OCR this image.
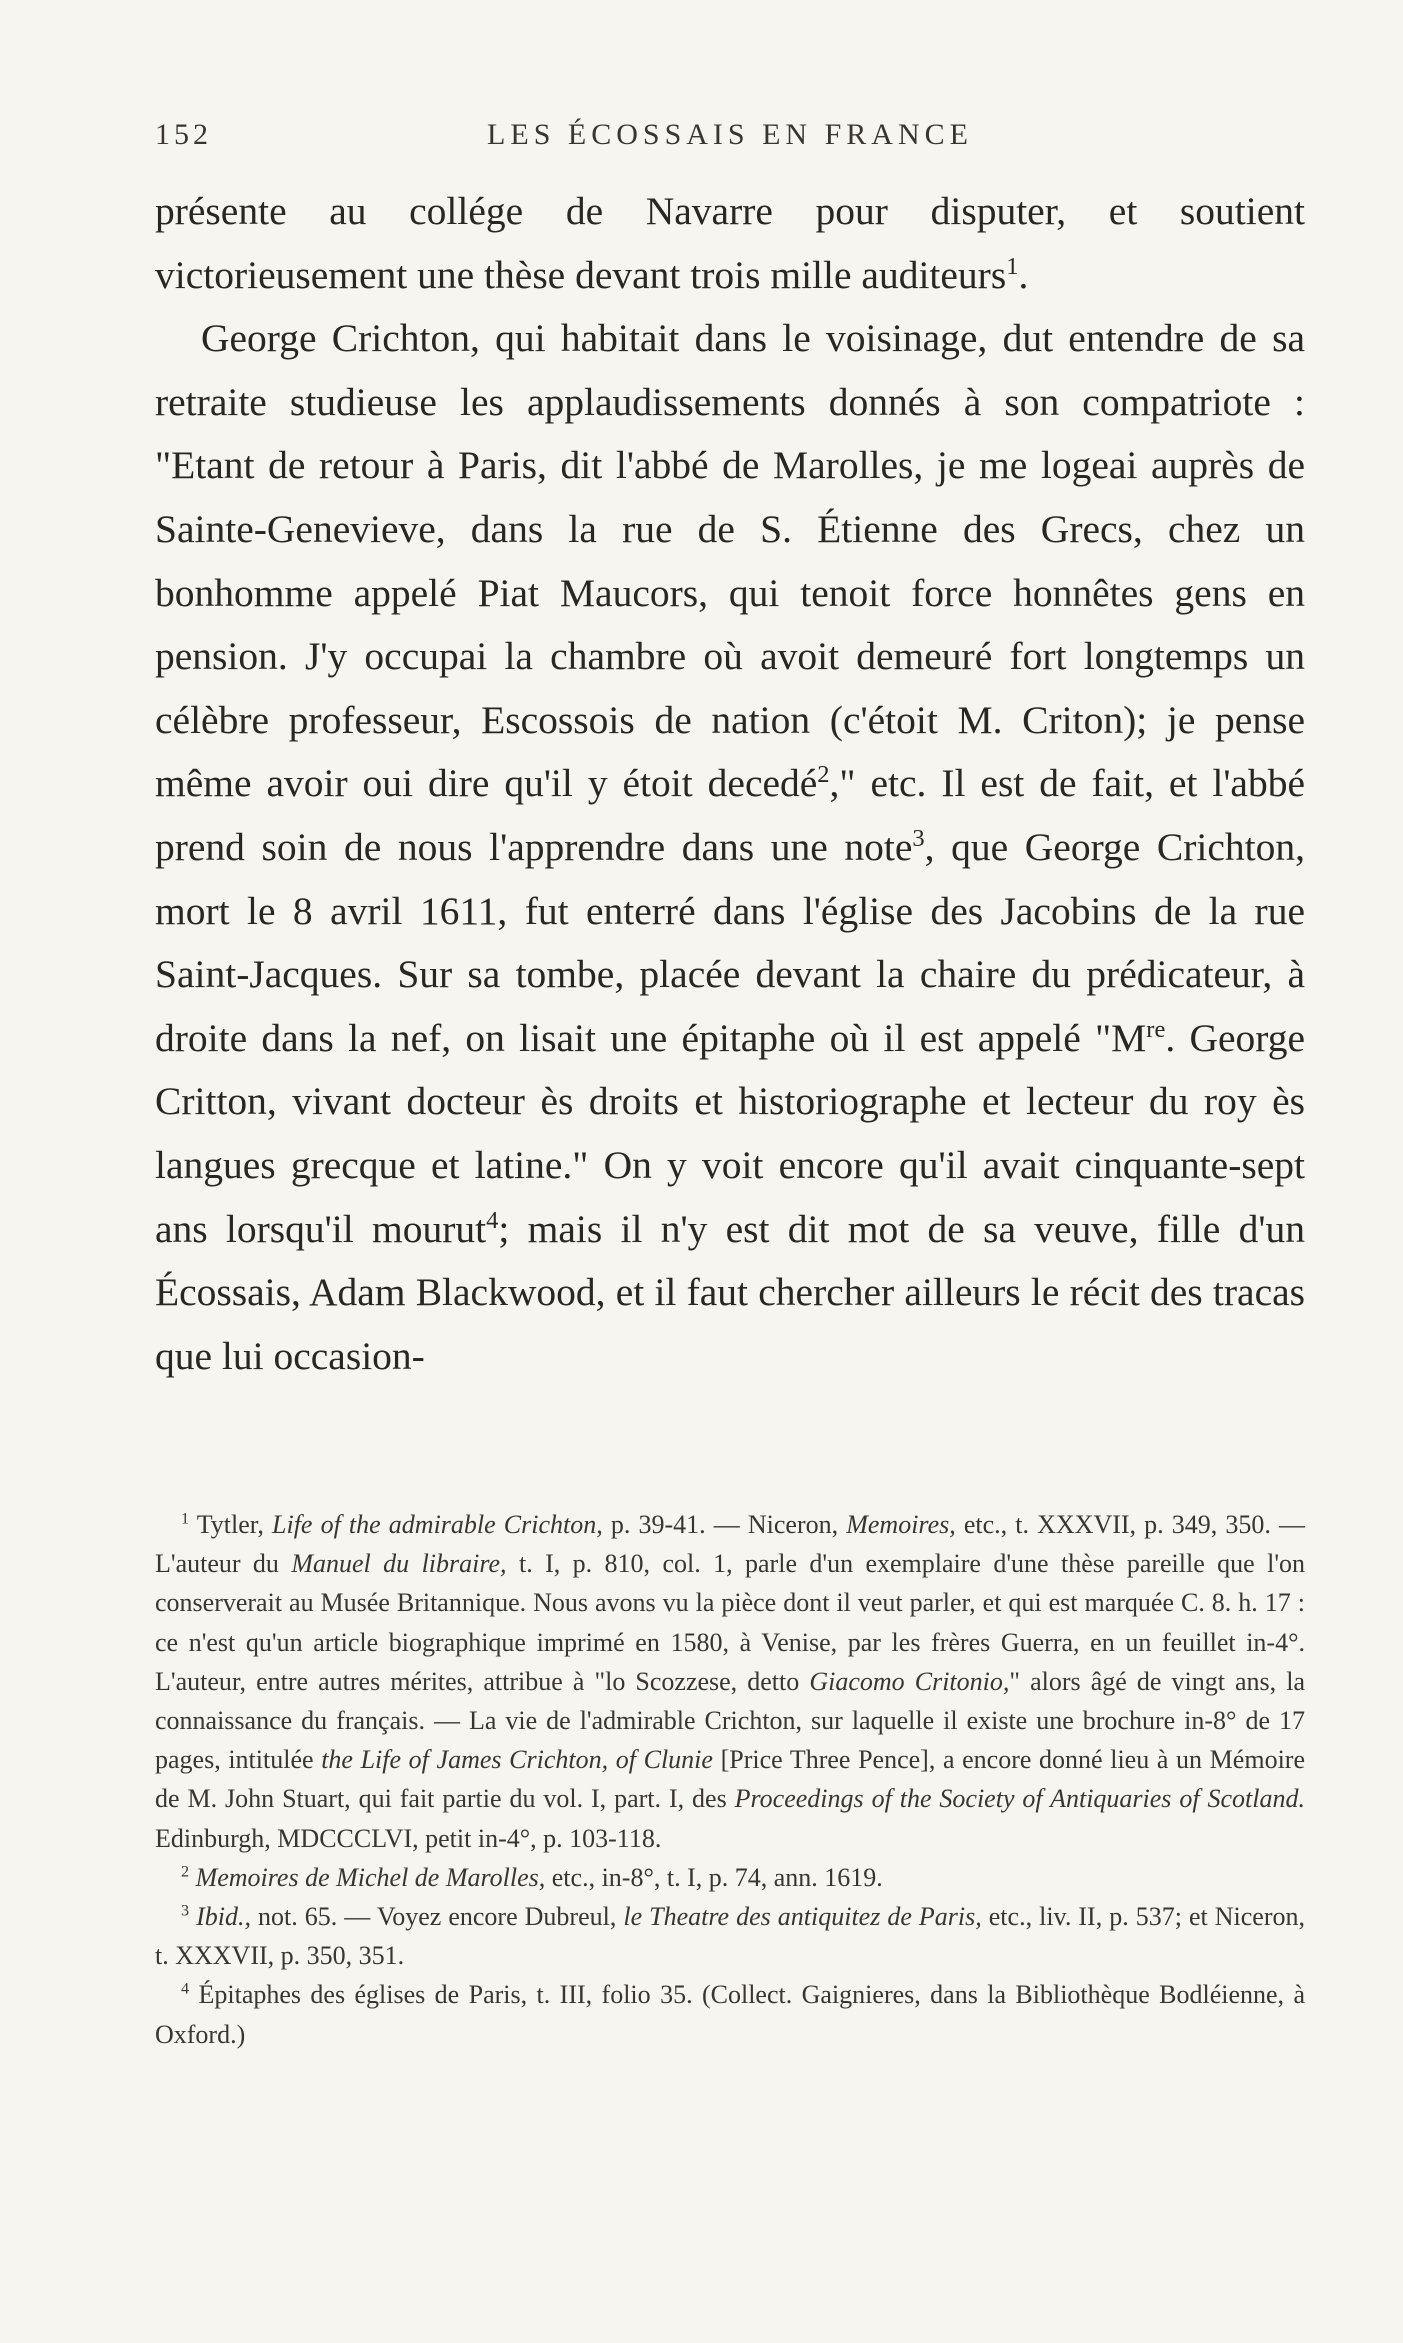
152	LES ÉCOSSAIS EN FRANCE

présente au collége de Navarre pour disputer, et soutient victorieusement une thèse devant trois mille auditeurs$^1$.

George Crichton, qui habitait dans le voisinage, dut entendre de sa retraite studieuse les applaudissements donnés à son compatriote : "Etant de retour à Paris, dit l'abbé de Marolles, je me logeai auprès de Sainte-Genevieve, dans la rue de S. Étienne des Grecs, chez un bonhomme appelé Piat Maucors, qui tenoit force honnêtes gens en pension. J'y occupai la chambre où avoit demeuré fort longtemps un célèbre professeur, Escossois de nation (c'étoit M. Criton); je pense même avoir oui dire qu'il y étoit decedé$^2$," etc. Il est de fait, et l'abbé prend soin de nous l'apprendre dans une note$^3$, que George Crichton, mort le 8 avril 1611, fut enterré dans l'église des Jacobins de la rue Saint-Jacques. Sur sa tombe, placée devant la chaire du prédicateur, à droite dans la nef, on lisait une épitaphe où il est appelé "Mre. George Critton, vivant docteur ès droits et historiographe et lecteur du roy ès langues grecque et latine." On y voit encore qu'il avait cinquante-sept ans lorsqu'il mourut$^4$; mais il n'y est dit mot de sa veuve, fille d'un Écossais, Adam Blackwood, et il faut chercher ailleurs le récit des tracas que lui occasion-

$^1$ Tytler, Life of the admirable Crichton, p. 39-41. — Niceron, Memoires, etc., t. XXXVII, p. 349, 350. — L'auteur du Manuel du libraire, t. I, p. 810, col. 1, parle d'un exemplaire d'une thèse pareille que l'on conserverait au Musée Britannique. Nous avons vu la pièce dont il veut parler, et qui est marquée C. 8. h. 17 : ce n'est qu'un article biographique imprimé en 1580, à Venise, par les frères Guerra, en un feuillet in-4°. L'auteur, entre autres mérites, attribue à "lo Scozzese, detto Giacomo Critonio," alors âgé de vingt ans, la connaissance du français. — La vie de l'admirable Crichton, sur laquelle il existe une brochure in-8° de 17 pages, intitulée the Life of James Crichton, of Clunie [Price Three Pence], a encore donné lieu à un Mémoire de M. John Stuart, qui fait partie du vol. I, part. I, des Proceedings of the Society of Antiquaries of Scotland. Edinburgh, MDCCCLVI, petit in-4°, p. 103-118.

$^2$ Memoires de Michel de Marolles, etc., in-8°, t. I, p. 74, ann. 1619.

$^3$ Ibid., not. 65. — Voyez encore Dubreul, le Theatre des antiquitez de Paris, etc., liv. II, p. 537; et Niceron, t. XXXVII, p. 350, 351.

$^4$ Épitaphes des églises de Paris, t. III, folio 35. (Collect. Gaignieres, dans la Bibliothèque Bodléienne, à Oxford.)
